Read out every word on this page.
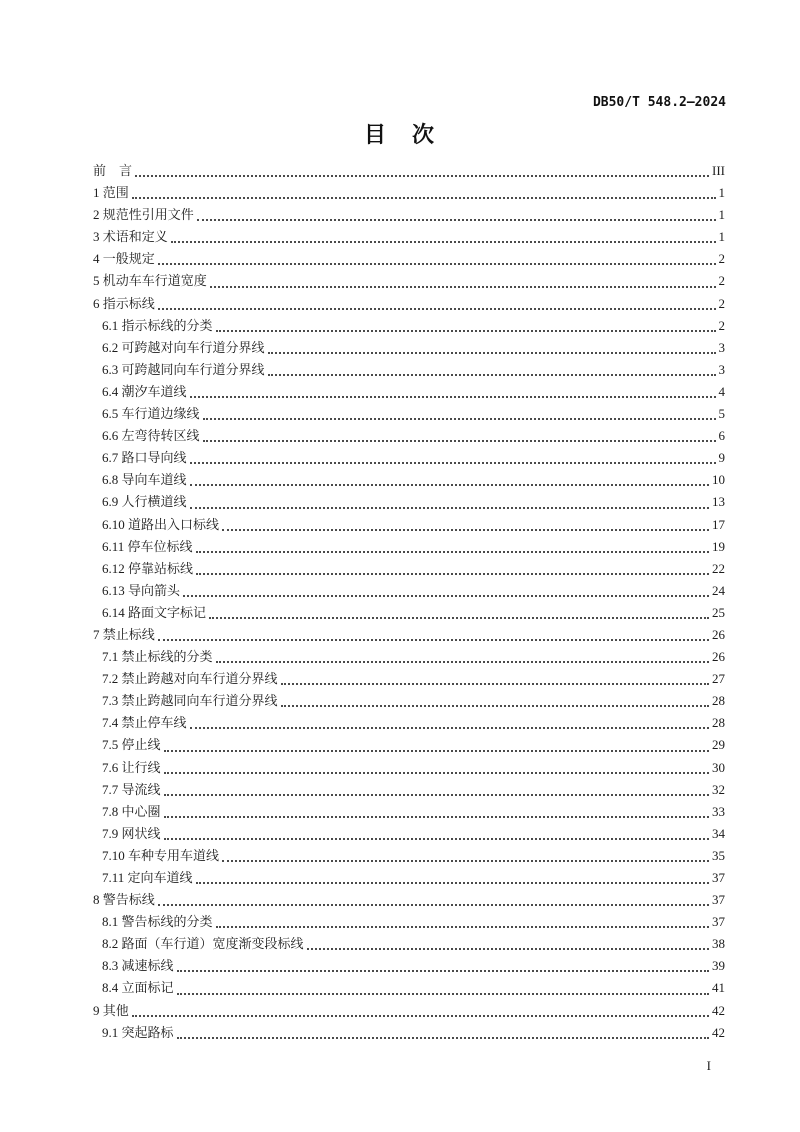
DB50/T 548.2—2024
目　次
前　言	III
1 范围	1
2 规范性引用文件	1
3 术语和定义	1
4 一般规定	2
5 机动车车行道宽度	2
6 指示标线	2
6.1 指示标线的分类	2
6.2 可跨越对向车行道分界线	3
6.3 可跨越同向车行道分界线	3
6.4 潮汐车道线	4
6.5 车行道边缘线	5
6.6 左弯待转区线	6
6.7 路口导向线	9
6.8 导向车道线	10
6.9 人行横道线	13
6.10 道路出入口标线	17
6.11 停车位标线	19
6.12 停靠站标线	22
6.13 导向箭头	24
6.14 路面文字标记	25
7 禁止标线	26
7.1 禁止标线的分类	26
7.2 禁止跨越对向车行道分界线	27
7.3 禁止跨越同向车行道分界线	28
7.4 禁止停车线	28
7.5 停止线	29
7.6 让行线	30
7.7 导流线	32
7.8 中心圈	33
7.9 网状线	34
7.10 车种专用车道线	35
7.11 定向车道线	37
8 警告标线	37
8.1 警告标线的分类	37
8.2 路面（车行道）宽度渐变段标线	38
8.3 减速标线	39
8.4 立面标记	41
9 其他	42
9.1 突起路标	42
I
